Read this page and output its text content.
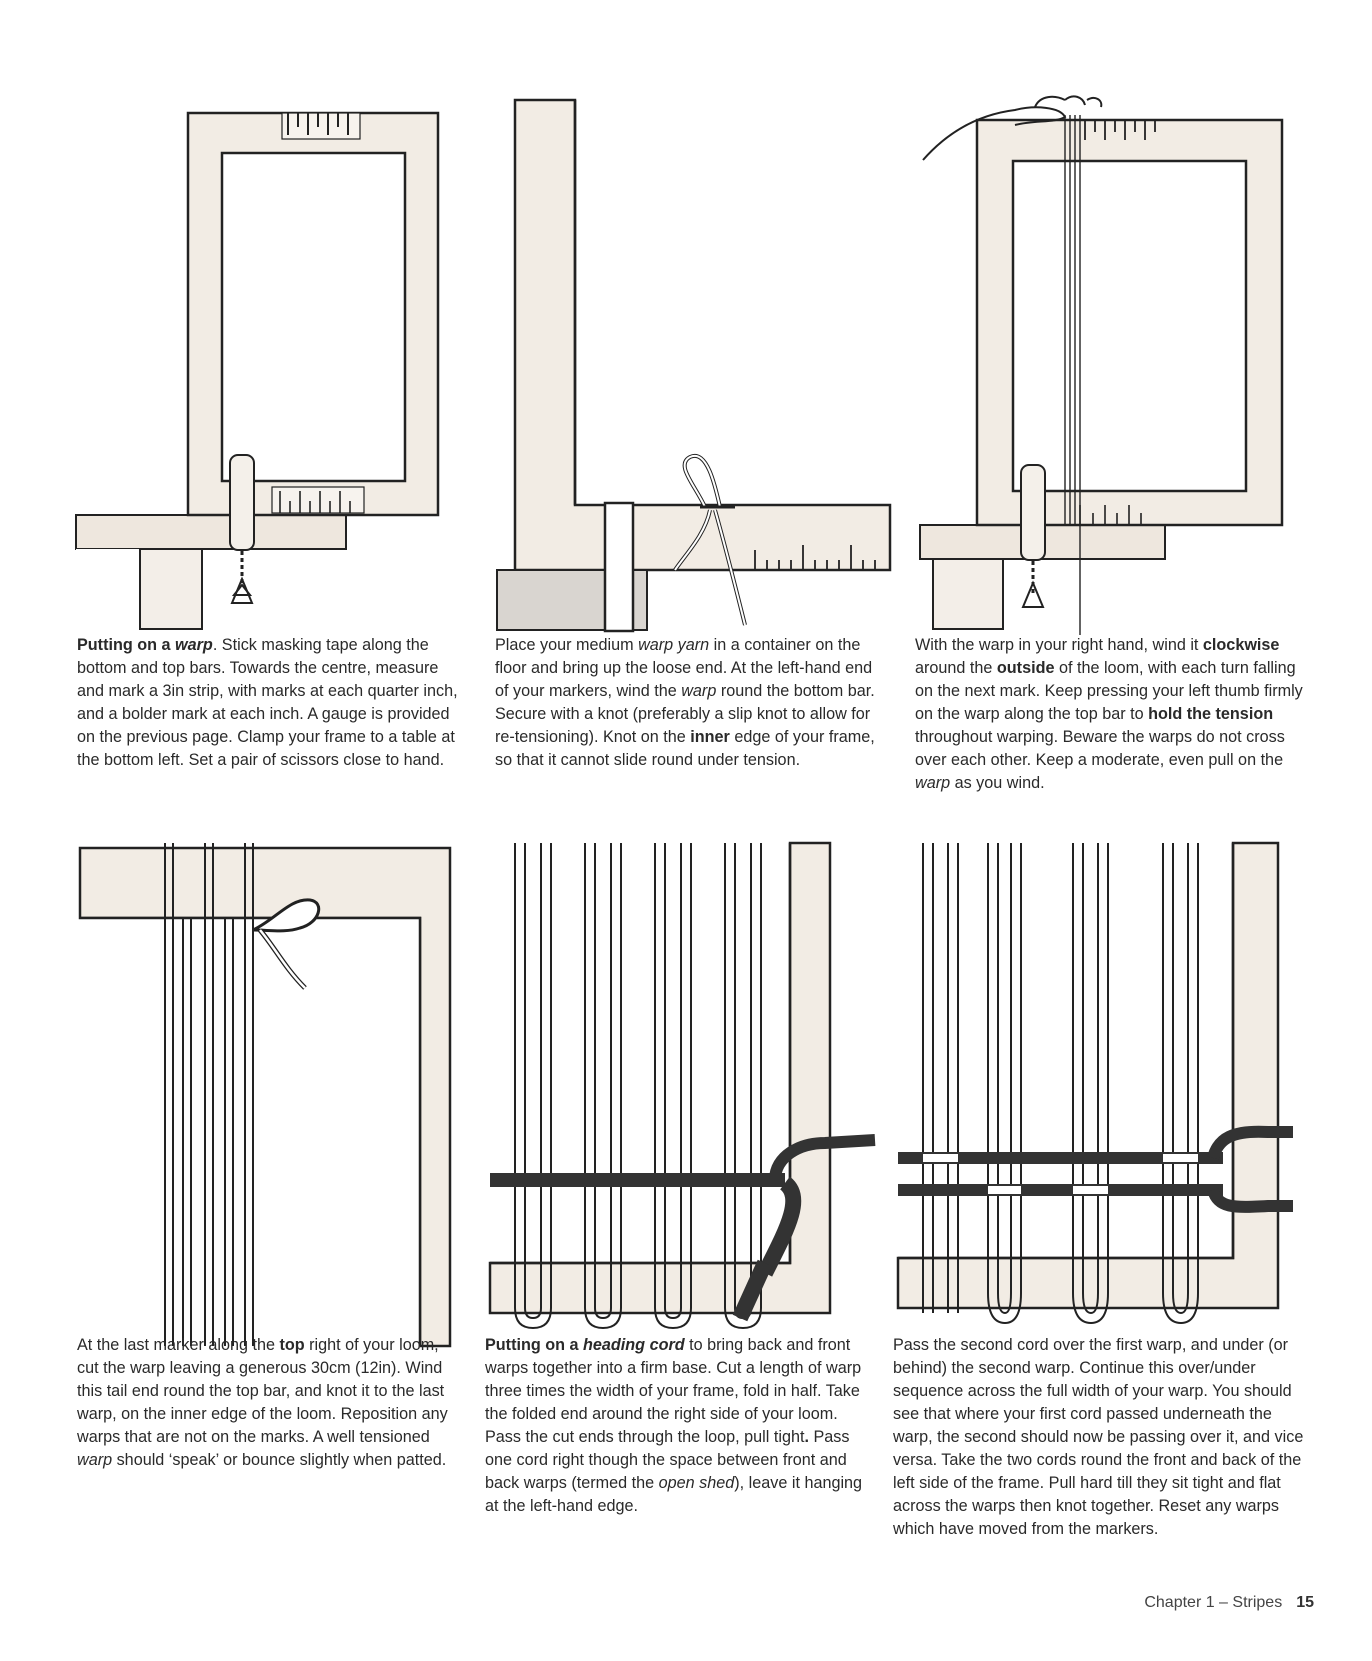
Putting on a warp. Stick masking tape along the bottom and top bars. Towards the centre, measure and mark a 3in strip, with marks at each quarter inch, and a bolder mark at each inch. A gauge is provided on the previous page. Clamp your frame to a table at the bottom left. Set a pair of scissors close to hand.

Place your medium warp yarn in a container on the floor and bring up the loose end. At the left-hand end of your markers, wind the warp round the bottom bar. Secure with a knot (preferably a slip knot to allow for re-tensioning). Knot on the inner edge of your frame, so that it cannot slide round under tension.

With the warp in your right hand, wind it clockwise around the outside of the loom, with each turn falling on the next mark. Keep pressing your left thumb firmly on the warp along the top bar to hold the tension throughout warping. Beware the warps do not cross over each other. Keep a moderate, even pull on the warp as you wind.

At the last marker along the top right of your loom, cut the warp leaving a generous 30cm (12in). Wind this tail end round the top bar, and knot it to the last warp, on the inner edge of the loom. Reposition any warps that are not on the marks. A well tensioned warp should ‘speak’ or bounce slightly when patted.

Putting on a heading cord to bring back and front warps together into a firm base. Cut a length of warp three times the width of your frame, fold in half. Take the folded end around the right side of your loom. Pass the cut ends through the loop, pull tight. Pass one cord right though the space between front and back warps (termed the open shed), leave it hanging at the left-hand edge.

Pass the second cord over the first warp, and under (or behind) the second warp. Continue this over/under sequence across the full width of your warp. You should see that where your first cord passed underneath the warp, the second should now be passing over it, and vice versa. Take the two cords round the front and back of the left side of the frame. Pull hard till they sit tight and flat across the warps then knot together. Reset any warps which have moved from the markers.

Chapter 1 – Stripes 15
